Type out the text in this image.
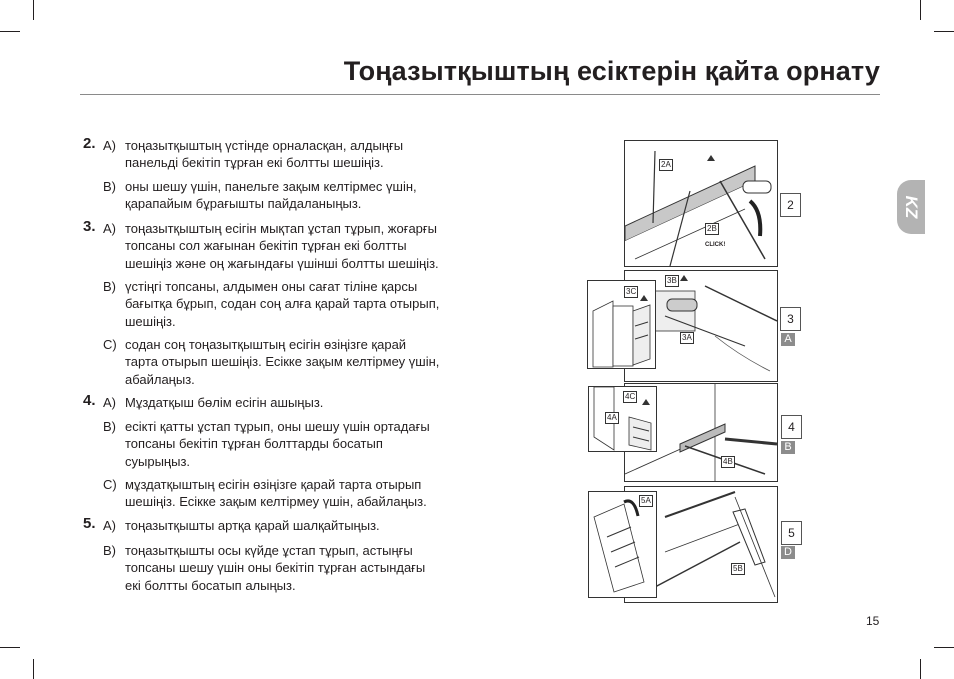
Тоңазытқыштың есіктерін қайта орнату
2. A) тоңазытқыштың үстінде орналасқан, алдыңғы
панельді бекітіп тұрған екі болтты шешіңіз.
B) оны шешу үшін, панельге зақым келтірмес үшін,
қарапайым бұрағышты пайдаланыңыз.
3. A) тоңазытқыштың есігін мықтап ұстап тұрып, жоғарғы
топсаны сол жағынан бекітіп тұрған екі болтты
шешіңіз және оң жағындағы үшінші болтты шешіңіз.
B) үстіңгі топсаны, алдымен оны сағат тіліне қарсы
бағытқа бұрып, содан соң алға қарай тарта отырып,
шешіңіз.
C) содан соң тоңазытқыштың есігін өзіңізге қарай
тарта отырып шешіңіз. Есікке зақым келтірмеу үшін,
абайлаңыз.
4. A) Мұздатқыш бөлім есігін ашыңыз.
B) есікті қатты ұстап тұрып, оны шешу үшін ортадағы
топсаны бекітіп тұрған болттарды босатып
суырыңыз.
C) мұздатқыштың есігін өзіңізге қарай тарта отырып
шешіңіз. Есікке зақым келтірмеу үшін, абайлаңыз.
5. A) тоңазытқышты артқа қарай шалқайтыңыз.
B) тоңазытқышты осы күйде ұстап тұрып, астыңғы
топсаны шешу үшін оны бекітіп тұрған астындағы
екі болтты босатып алыңыз.
2A
2B
CLICK!
2
3B
3A
3C
3
A
4B
4C
4A
4
B
5B
5A
5
D
KZ
15
